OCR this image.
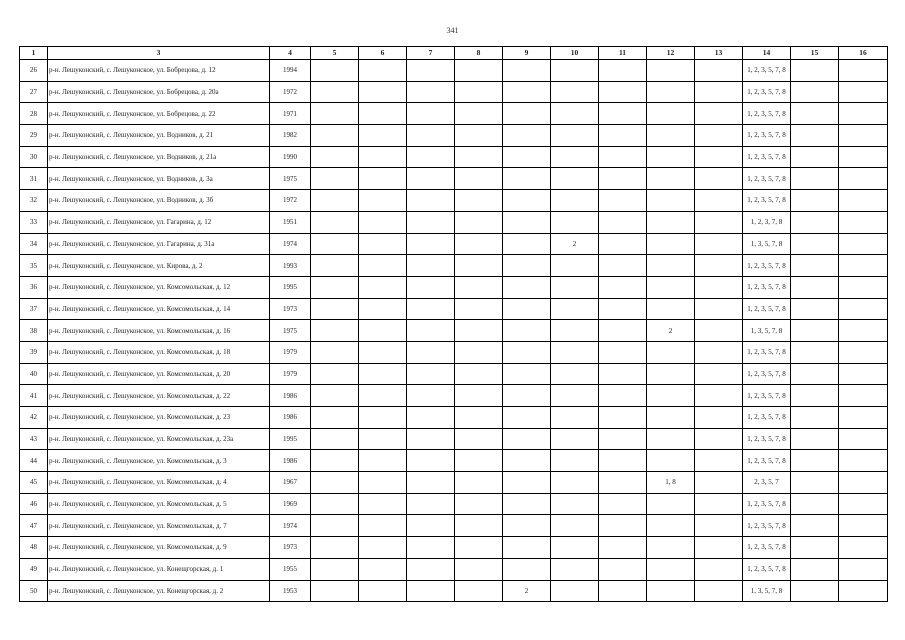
341
1	3	4	5	6	7	8	9	10	11	12	13	14	15	16
26	р-н. Лешуконский, с. Лешуконское, ул. Бобрецова, д. 12	1994										1, 2, 3, 5, 7, 8		
27	р-н. Лешуконский, с. Лешуконское, ул. Бобрецова, д. 20а	1972										1, 2, 3, 5, 7, 8		
28	р-н. Лешуконский, с. Лешуконское, ул. Бобрецова, д. 22	1971										1, 2, 3, 5, 7, 8		
29	р-н. Лешуконский, с. Лешуконское, ул. Водников, д. 21	1982										1, 2, 3, 5, 7, 8		
30	р-н. Лешуконский, с. Лешуконское, ул. Водников, д. 21а	1990										1, 2, 3, 5, 7, 8		
31	р-н. Лешуконский, с. Лешуконское, ул. Водников, д. 3а	1975										1, 2, 3, 5, 7, 8		
32	р-н. Лешуконский, с. Лешуконское, ул. Водников, д. 3б	1972										1, 2, 3, 5, 7, 8		
33	р-н. Лешуконский, с. Лешуконское, ул. Гагарина, д. 12	1951										1, 2, 3, 7, 8		
34	р-н. Лешуконский, с. Лешуконское, ул. Гагарина, д. 31а	1974						2				1, 3, 5, 7, 8		
35	р-н. Лешуконский, с. Лешуконское, ул. Кирова, д. 2	1993										1, 2, 3, 5, 7, 8		
36	р-н. Лешуконский, с. Лешуконское, ул. Комсомольская, д. 12	1995										1, 2, 3, 5, 7, 8		
37	р-н. Лешуконский, с. Лешуконское, ул. Комсомольская, д. 14	1973										1, 2, 3, 5, 7, 8		
38	р-н. Лешуконский, с. Лешуконское, ул. Комсомольская, д. 16	1975								2		1, 3, 5, 7, 8		
39	р-н. Лешуконский, с. Лешуконское, ул. Комсомольская, д. 18	1979										1, 2, 3, 5, 7, 8		
40	р-н. Лешуконский, с. Лешуконское, ул. Комсомольская, д. 20	1979										1, 2, 3, 5, 7, 8		
41	р-н. Лешуконский, с. Лешуконское, ул. Комсомольская, д. 22	1986										1, 2, 3, 5, 7, 8		
42	р-н. Лешуконский, с. Лешуконское, ул. Комсомольская, д. 23	1986										1, 2, 3, 5, 7, 8		
43	р-н. Лешуконский, с. Лешуконское, ул. Комсомольская, д. 23а	1995										1, 2, 3, 5, 7, 8		
44	р-н. Лешуконский, с. Лешуконское, ул. Комсомольская, д. 3	1986										1, 2, 3, 5, 7, 8		
45	р-н. Лешуконский, с. Лешуконское, ул. Комсомольская, д. 4	1967								1, 8		2, 3, 5, 7		
46	р-н. Лешуконский, с. Лешуконское, ул. Комсомольская, д. 5	1969										1, 2, 3, 5, 7, 8		
47	р-н. Лешуконский, с. Лешуконское, ул. Комсомольская, д. 7	1974										1, 2, 3, 5, 7, 8		
48	р-н. Лешуконский, с. Лешуконское, ул. Комсомольская, д. 9	1973										1, 2, 3, 5, 7, 8		
49	р-н. Лешуконский, с. Лешуконское, ул. Конещгорская, д. 1	1955										1, 2, 3, 5, 7, 8		
50	р-н. Лешуконский, с. Лешуконское, ул. Конещгорская, д. 2	1953					2					1, 3, 5, 7, 8		
